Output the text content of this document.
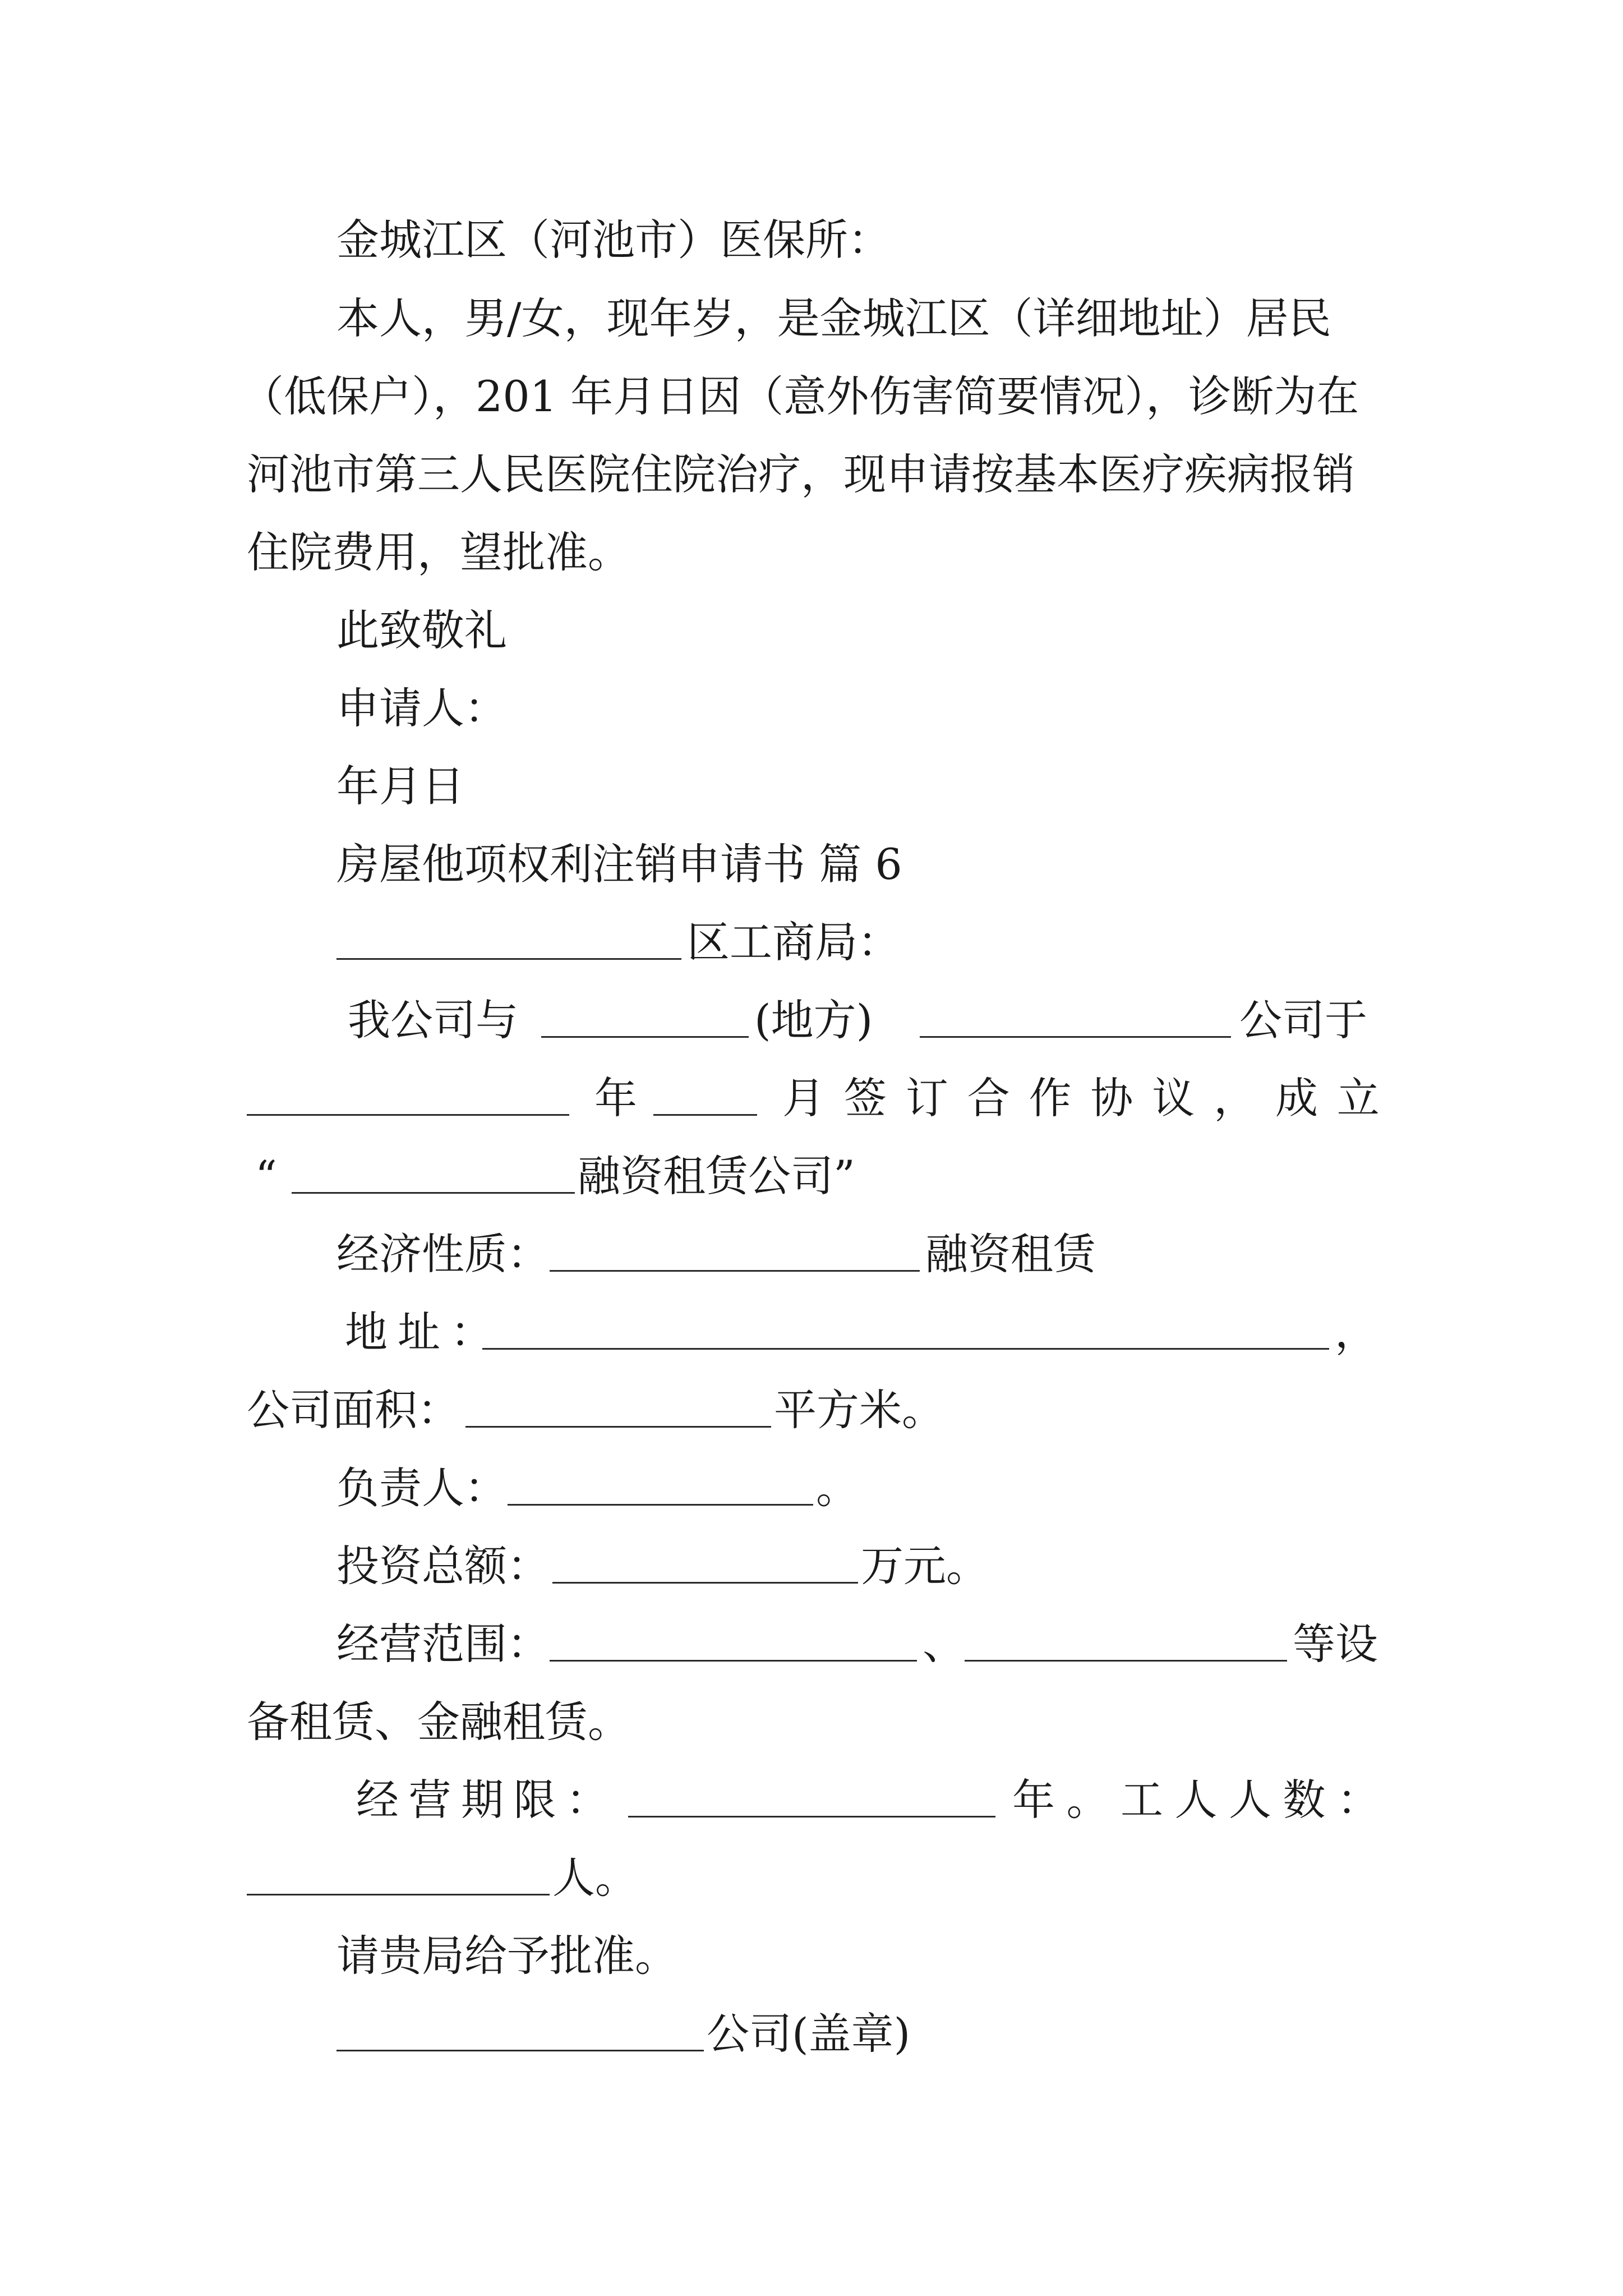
金城江区（河池市）医保所：
本人，男/女，现年岁，是金城江区（详细地址）居民
（低保户），201 年月日因（意外伤害简要情况），诊断为在
河池市第三人民医院住院治疗，现申请按基本医疗疾病报销
住院费用，望批准。
此致敬礼
申请人：
年月日
房屋他项权利注销申请书 篇 6
区工商局：
我公司与	(地方)	公司于
年	月 签 订 合 作 协 议 ， 成 立
“	融资租赁公司”
经济性质：	融资租赁
地址：	，
公司面积：	平方米。
负责人：	。
投资总额：	万元。
经营范围：	、	等设
备租赁、金融租赁。
经 营 期 限 ：	年 。 工 人 人 数 ：
人。
请贵局给予批准。
公司(盖章)
